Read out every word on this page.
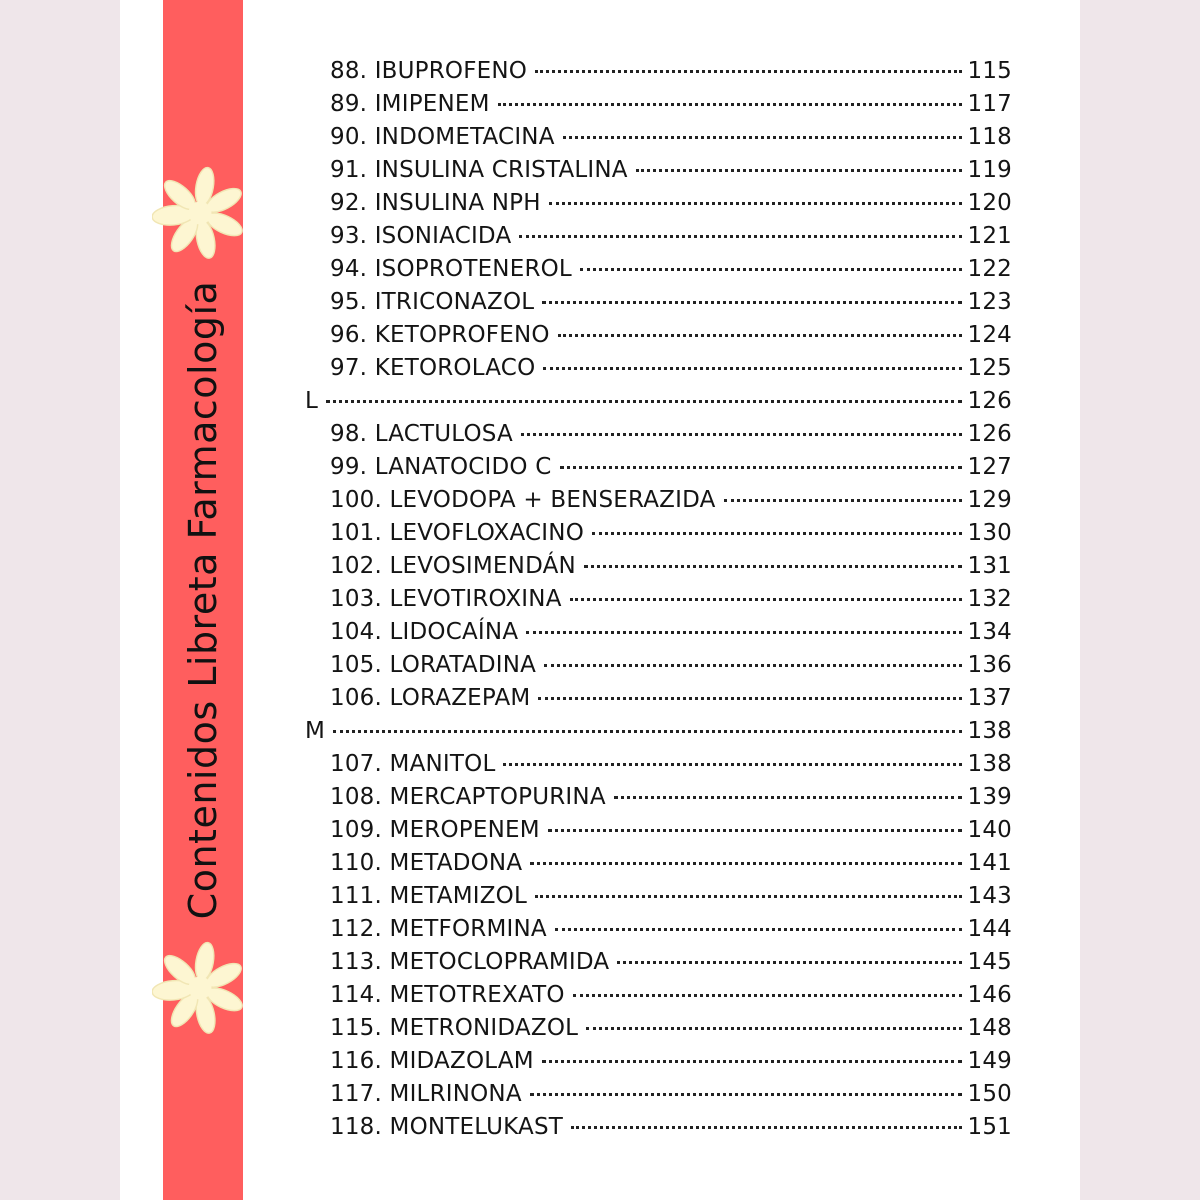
Contenidos Libreta Farmacología
88. IBUPROFENO	115
89. IMIPENEM	117
90. INDOMETACINA	118
91. INSULINA CRISTALINA	119
92. INSULINA NPH	120
93. ISONIACIDA	121
94. ISOPROTENEROL	122
95. ITRICONAZOL	123
96. KETOPROFENO	124
97. KETOROLACO	125
L	126
98. LACTULOSA	126
99. LANATOCIDO C	127
100. LEVODOPA + BENSERAZIDA	129
101. LEVOFLOXACINO	130
102. LEVOSIMENDÁN	131
103. LEVOTIROXINA	132
104. LIDOCAÍNA	134
105. LORATADINA	136
106. LORAZEPAM	137
M	138
107. MANITOL	138
108. MERCAPTOPURINA	139
109. MEROPENEM	140
110. METADONA	141
111. METAMIZOL	143
112. METFORMINA	144
113. METOCLOPRAMIDA	145
114. METOTREXATO	146
115. METRONIDAZOL	148
116. MIDAZOLAM	149
117. MILRINONA	150
118. MONTELUKAST	151
